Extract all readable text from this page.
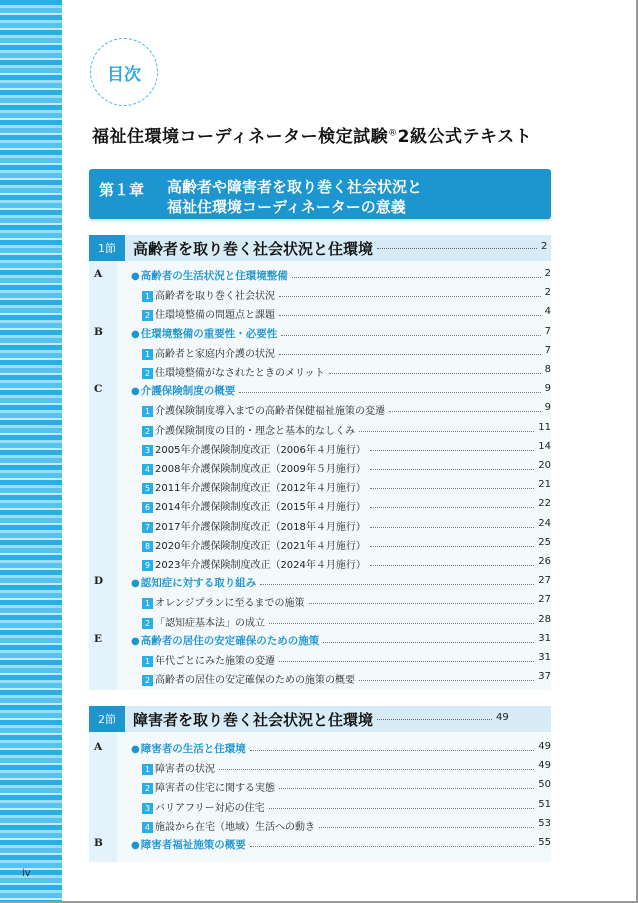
目次
福祉住環境コーディネーター検定試験®2級公式テキスト
第１章 高齢者や障害者を取り巻く社会状況と
福祉住環境コーディネーターの意義
1節	高齢者を取り巻く社会状況と住環境	2
A	●高齢者の生活状況と住環境整備	2
1 高齢者を取り巻く社会状況	2
2 住環境整備の問題点と課題	4
B	●住環境整備の重要性・必要性	7
1 高齢者と家庭内介護の状況	7
2 住環境整備がなされたときのメリット	8
C	●介護保険制度の概要	9
1 介護保険制度導入までの高齢者保健福祉施策の変遷	9
2 介護保険制度の目的・理念と基本的なしくみ	11
3 2005年介護保険制度改正（2006年４月施行）	14
4 2008年介護保険制度改正（2009年５月施行）	20
5 2011年介護保険制度改正（2012年４月施行）	21
6 2014年介護保険制度改正（2015年４月施行）	22
7 2017年介護保険制度改正（2018年４月施行）	24
8 2020年介護保険制度改正（2021年４月施行）	25
9 2023年介護保険制度改正（2024年４月施行）	26
D	●認知症に対する取り組み	27
1 オレンジプランに至るまでの施策	27
2 「認知症基本法」の成立	28
E	●高齢者の居住の安定確保のための施策	31
1 年代ごとにみた施策の変遷	31
2 高齢者の居住の安定確保のための施策の概要	37
2節	障害者を取り巻く社会状況と住環境	49
A	●障害者の生活と住環境	49
1 障害者の状況	49
2 障害者の住宅に関する実態	50
3 バリアフリー対応の住宅	51
4 施設から在宅（地域）生活への動き	53
B	●障害者福祉施策の概要	55
iv
